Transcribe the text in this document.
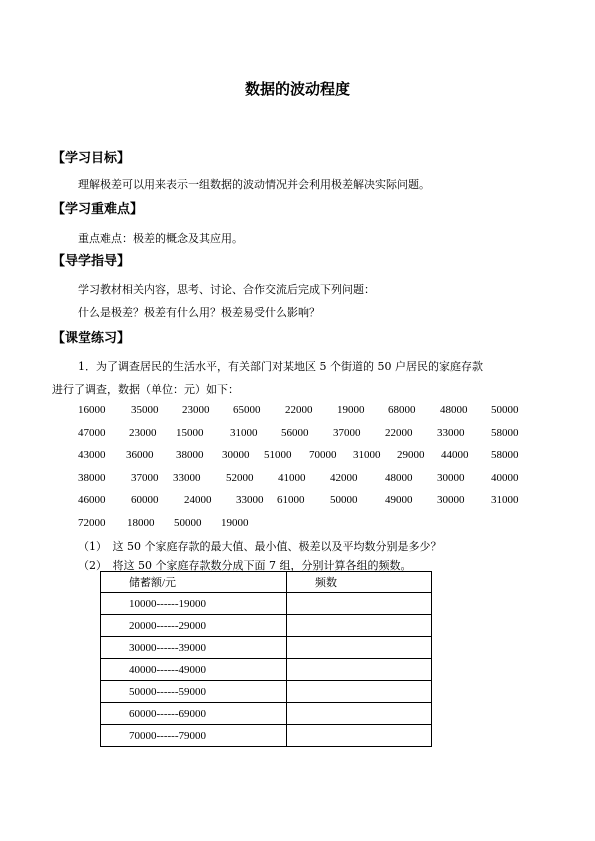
数据的波动程度
【学习目标】
理解极差可以用来表示一组数据的波动情况并会利用极差解决实际问题。
【学习重难点】
重点难点：极差的概念及其应用。
【导学指导】
学习教材相关内容，思考、讨论、合作交流后完成下列问题：
什么是极差？极差有什么用？极差易受什么影响？
【课堂练习】
1．为了调查居民的生活水平，有关部门对某地区 5 个街道的 50 户居民的家庭存款
进行了调查，数据（单位：元）如下：
16000 35000 23000 65000 22000 19000 68000 48000 50000
47000 23000 15000 31000 56000 37000 22000 33000 58000
43000 36000 38000 30000 51000 70000 31000 29000 44000 58000
38000 37000 33000 52000 41000 42000	48000 30000 40000
46000 60000 24000 33000 61000 50000	49000 30000 31000
72000 18000 50000 19000
（1）　这 50 个家庭存款的最大值、最小值、极差以及平均数分别是多少？
（2）　将这 50 个家庭存款数分成下面 7 组，分别计算各组的频数。
储蓄额/元	频数
10000------19000	
20000------29000	
30000------39000	
40000------49000	
50000------59000	
60000------69000	
70000------79000	
